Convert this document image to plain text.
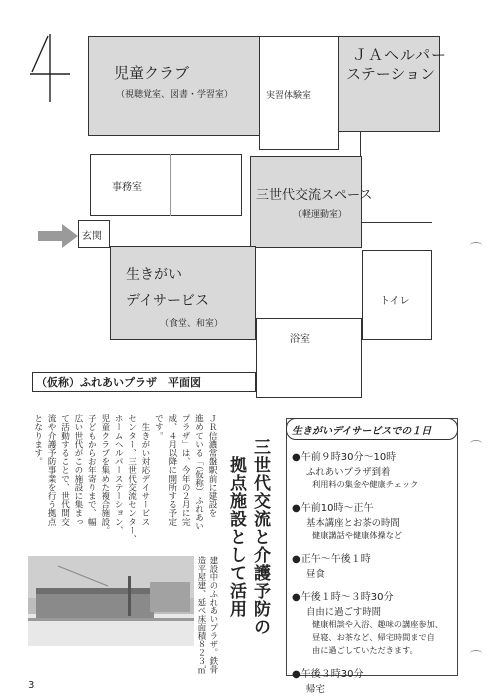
児童クラブ
（視聴覚室、図書・学習室）	実習体験室
ＪＡヘルパー
ステーション
事務室
三世代交流スペース
（軽運動室）
玄関
生きがい
デイサービス
（食堂、和室）
トイレ
浴室
（仮称）ふれあいプラザ　平面図
ＪＲ信濃常盤駅前に建設を
進めている「（仮称）ふれあい
プラザ」は、今年の２月に完
成、４月以降に開所する予定
です。
　生きがい対応デイサービス
センター、三世代交流センター、
ホームヘルパーステーション、
児童クラブを集めた複合施設。
子どもからお年寄りまで、幅
広い世代がこの施設に集まっ
て活動することで、世代間交
流や介護予防事業を行う拠点
となります。	三世代交流と介護予防の
拠点施設として活用
建設中のふれあいプラザ。鉄骨
造平屋建、延べ床面積８２３㎡
生きがいデイサービスでの１日
●午前９時30分〜10時
ふれあいプラザ到着
利用料の集金や健康チェック
●午前10時〜正午
基本講座とお茶の時間
健康講話や健康体操など
●正午〜午後１時
昼食
●午後１時〜３時30分
自由に過ごす時間
健康相談や入浴、趣味の講座参加、
昼寝、お茶など、帰宅時間まで自
由に過ごしていただきます。
●午後３時30分
帰宅
3
